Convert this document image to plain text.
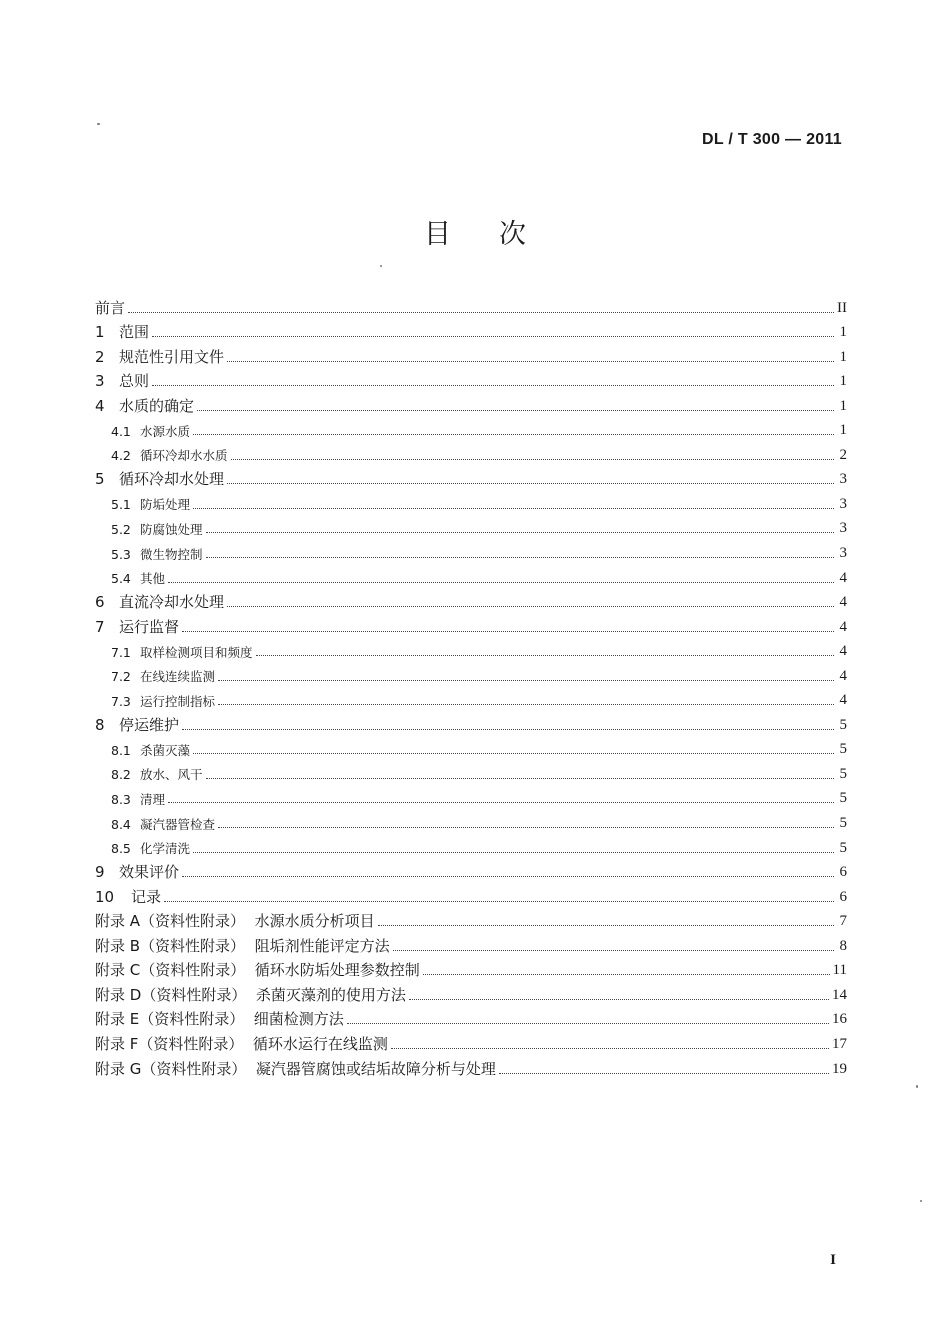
DL / T 300 — 2011
目次
前言	II
1 范围	1
2 规范性引用文件	1
3 总则	1
4 水质的确定	1
4.1 水源水质	1
4.2 循环冷却水水质	2
5 循环冷却水处理	3
5.1 防垢处理	3
5.2 防腐蚀处理	3
5.3 微生物控制	3
5.4 其他	4
6 直流冷却水处理	4
7 运行监督	4
7.1 取样检测项目和频度	4
7.2 在线连续监测	4
7.3 运行控制指标	4
8 停运维护	5
8.1 杀菌灭藻	5
8.2 放水、风干	5
8.3 清理	5
8.4 凝汽器管检查	5
8.5 化学清洗	5
9 效果评价	6
10 记录	6
附录 A（资料性附录）  水源水质分析项目	7
附录 B（资料性附录）  阻垢剂性能评定方法	8
附录 C（资料性附录）  循环水防垢处理参数控制	11
附录 D（资料性附录）  杀菌灭藻剂的使用方法	14
附录 E（资料性附录）  细菌检测方法	16
附录 F（资料性附录）  循环水运行在线监测	17
附录 G（资料性附录）  凝汽器管腐蚀或结垢故障分析与处理	19
I
